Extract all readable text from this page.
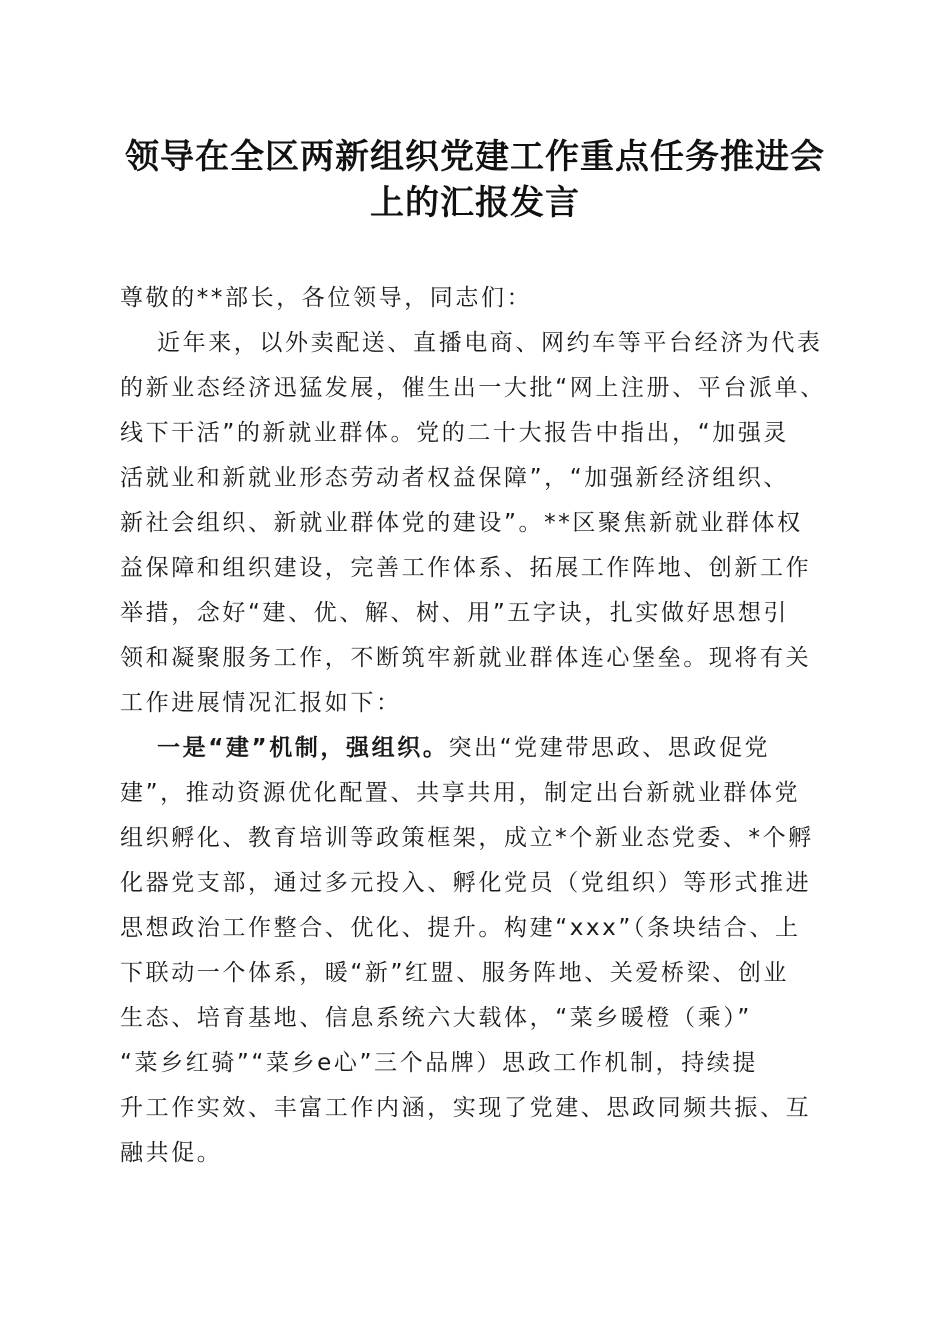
领导在全区两新组织党建工作重点任务推进会
上的汇报发言
尊敬的**部长，各位领导，同志们：
近年来，以外卖配送、直播电商、网约车等平台经济为代表
的新业态经济迅猛发展，催生出一大批“网上注册、平台派单、
线下干活”的新就业群体。党的二十大报告中指出，“加强灵
活就业和新就业形态劳动者权益保障”，“加强新经济组织、
新社会组织、新就业群体党的建设”。**区聚焦新就业群体权
益保障和组织建设，完善工作体系、拓展工作阵地、创新工作
举措，念好“建、优、解、树、用”五字诀，扎实做好思想引
领和凝聚服务工作，不断筑牢新就业群体连心堡垒。现将有关
工作进展情况汇报如下：
一是“建”机制，强组织。突出“党建带思政、思政促党
建”，推动资源优化配置、共享共用，制定出台新就业群体党
组织孵化、教育培训等政策框架，成立*个新业态党委、*个孵
化器党支部，通过多元投入、孵化党员（党组织）等形式推进
思想政治工作整合、优化、提升。构建“xxx”（条块结合、上
下联动一个体系，暖“新”红盟、服务阵地、关爱桥梁、创业
生态、培育基地、信息系统六大载体，“菜乡暖橙（乘）”
“菜乡红骑”“菜乡e心”三个品牌）思政工作机制，持续提
升工作实效、丰富工作内涵，实现了党建、思政同频共振、互
融共促。
